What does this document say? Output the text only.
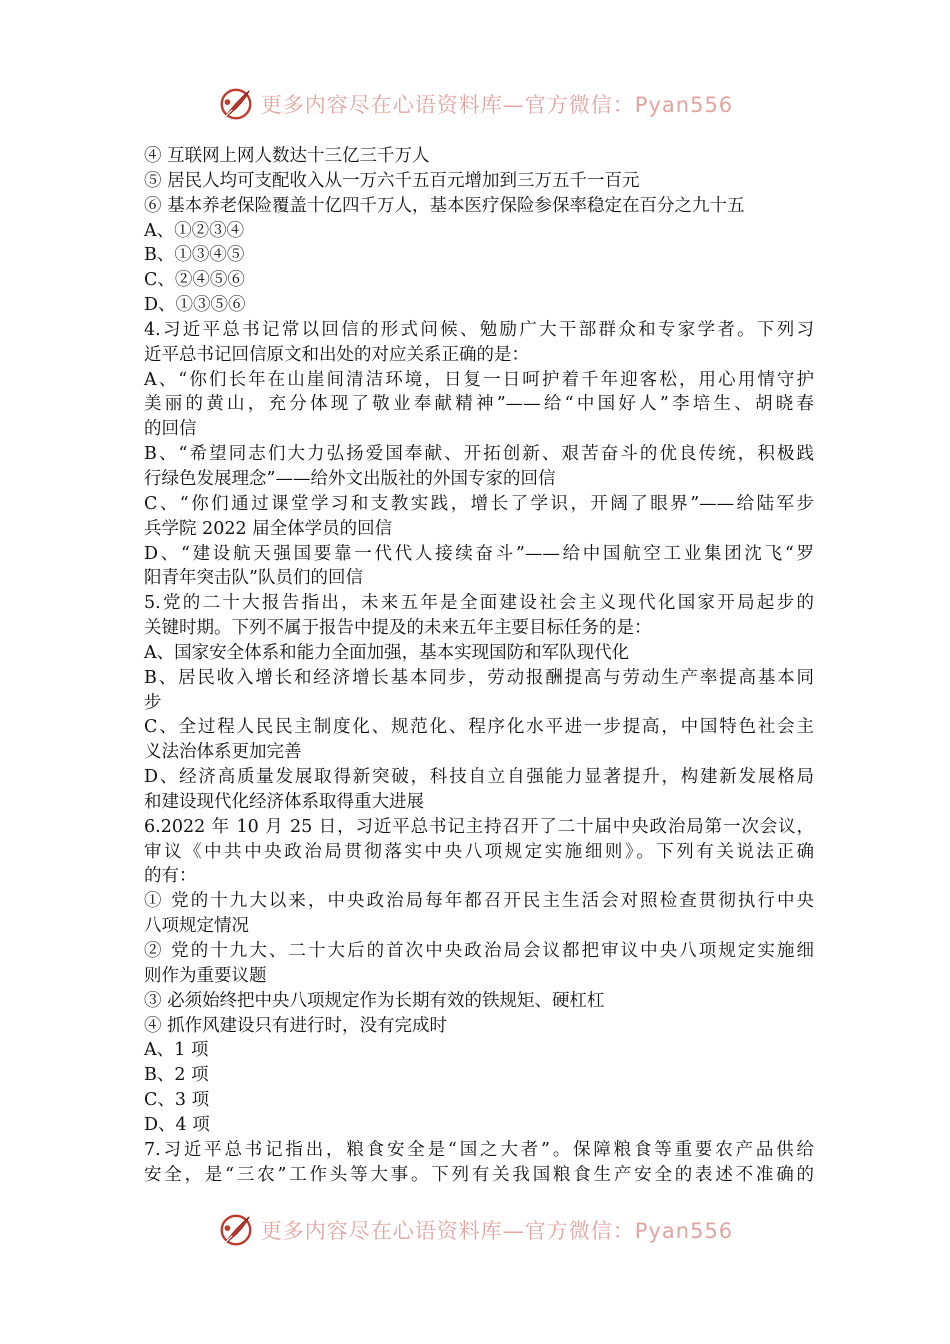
更多内容尽在心语资料库—官方微信：Pyan556
④ 互联网上网人数达十三亿三千万人
⑤ 居民人均可支配收入从一万六千五百元增加到三万五千一百元
⑥ 基本养老保险覆盖十亿四千万人，基本医疗保险参保率稳定在百分之九十五
A、①②③④
B、①③④⑤
C、②④⑤⑥
D、①③⑤⑥
4.习近平总书记常以回信的形式问候、勉励广大干部群众和专家学者。下列习
近平总书记回信原文和出处的对应关系正确的是：
A、“你们长年在山崖间清洁环境，日复一日呵护着千年迎客松，用心用情守护
美丽的黄山，充分体现了敬业奉献精神”——给“中国好人”李培生、胡晓春
的回信
B、“希望同志们大力弘扬爱国奉献、开拓创新、艰苦奋斗的优良传统，积极践
行绿色发展理念”——给外文出版社的外国专家的回信
C、“你们通过课堂学习和支教实践，增长了学识，开阔了眼界”——给陆军步
兵学院 2022 届全体学员的回信
D、“建设航天强国要靠一代代人接续奋斗”——给中国航空工业集团沈飞“罗
阳青年突击队”队员们的回信
5.党的二十大报告指出，未来五年是全面建设社会主义现代化国家开局起步的
关键时期。下列不属于报告中提及的未来五年主要目标任务的是：
A、国家安全体系和能力全面加强，基本实现国防和军队现代化
B、居民收入增长和经济增长基本同步，劳动报酬提高与劳动生产率提高基本同
步
C、全过程人民民主制度化、规范化、程序化水平进一步提高，中国特色社会主
义法治体系更加完善
D、经济高质量发展取得新突破，科技自立自强能力显著提升，构建新发展格局
和建设现代化经济体系取得重大进展
6.2022 年 10 月 25 日，习近平总书记主持召开了二十届中央政治局第一次会议，
审议《中共中央政治局贯彻落实中央八项规定实施细则》。下列有关说法正确
的有：
① 党的十九大以来，中央政治局每年都召开民主生活会对照检查贯彻执行中央
八项规定情况
② 党的十九大、二十大后的首次中央政治局会议都把审议中央八项规定实施细
则作为重要议题
③ 必须始终把中央八项规定作为长期有效的铁规矩、硬杠杠
④ 抓作风建设只有进行时，没有完成时
A、1 项
B、2 项
C、3 项
D、4 项
7.习近平总书记指出，粮食安全是“国之大者”。保障粮食等重要农产品供给
安全，是“三农”工作头等大事。下列有关我国粮食生产安全的表述不准确的
更多内容尽在心语资料库—官方微信：Pyan556
